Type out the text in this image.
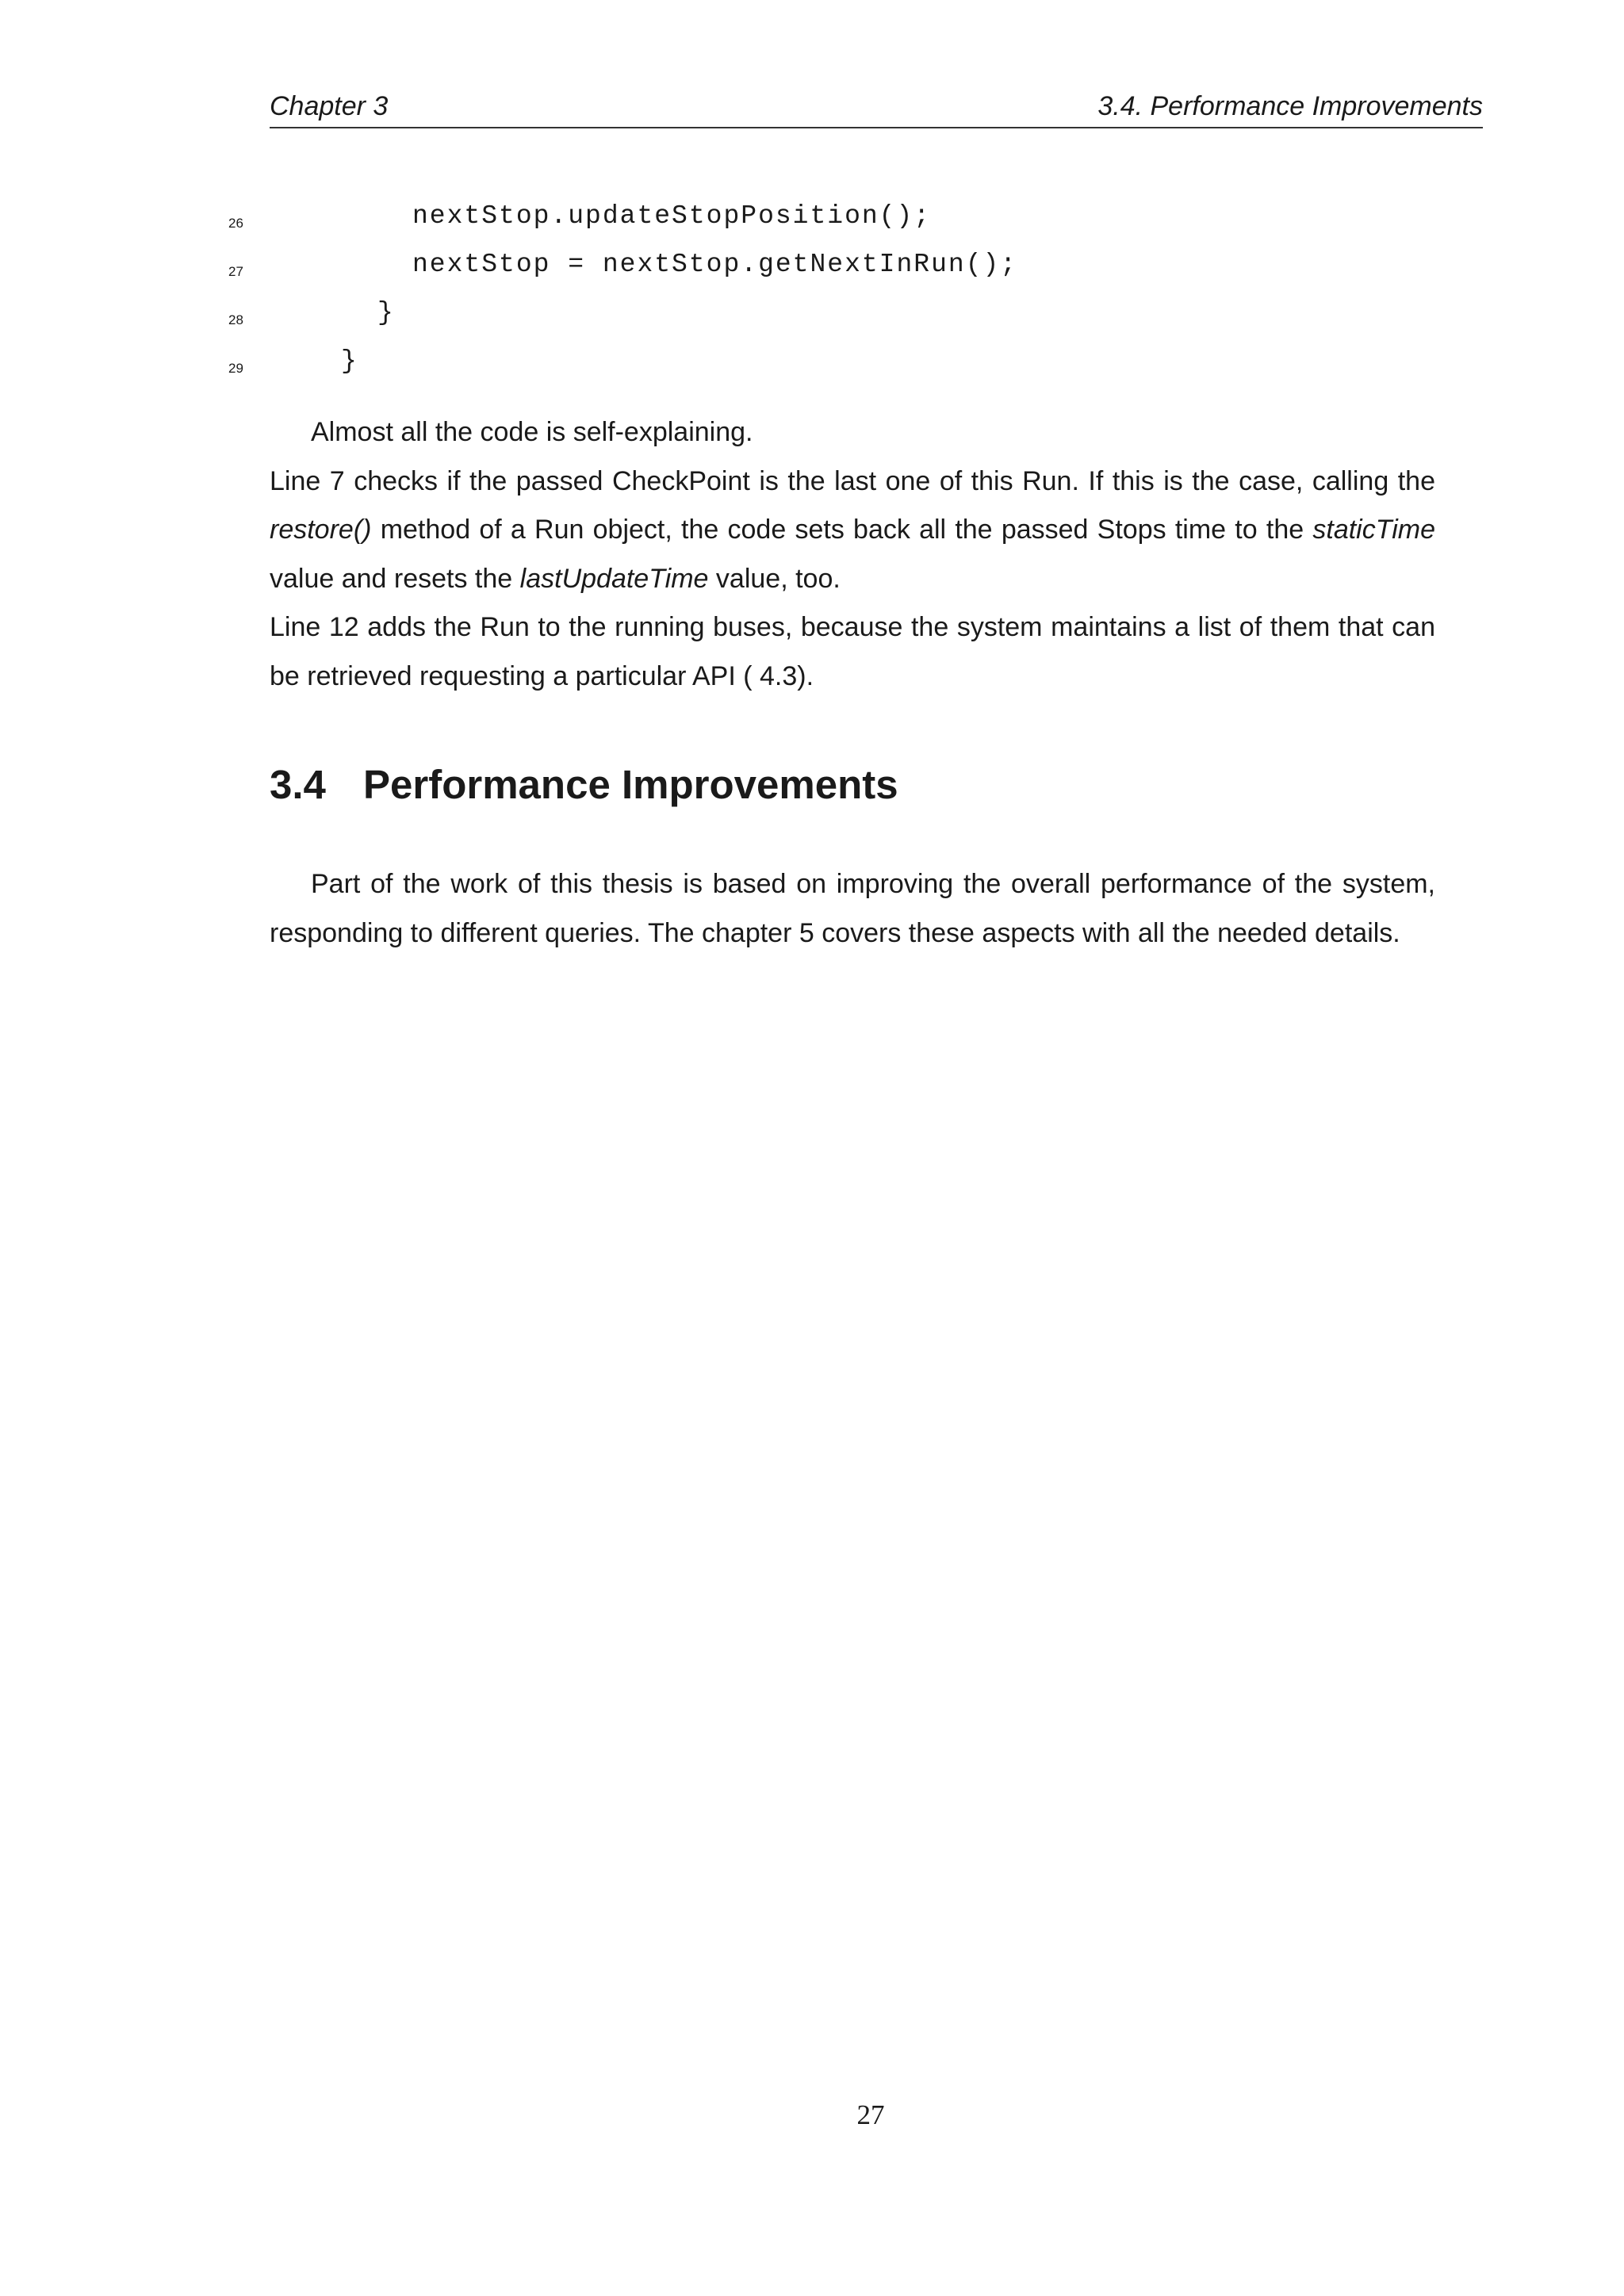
Chapter 3	3.4. Performance Improvements
26	nextStop.updateStopPosition();
27	nextStop = nextStop.getNextInRun();
28	}
29	}

Almost all the code is self-explaining.

Line 7 checks if the passed CheckPoint is the last one of this Run. If this is the case, calling the restore() method of a Run object, the code sets back all the passed Stops time to the staticTime value and resets the lastUpdateTime value, too.

Line 12 adds the Run to the running buses, because the system maintains a list of them that can be retrieved requesting a particular API ( 4.3).

3.4 Performance Improvements

Part of the work of this thesis is based on improving the overall performance of the system, responding to different queries. The chapter 5 covers these aspects with all the needed details.

27
